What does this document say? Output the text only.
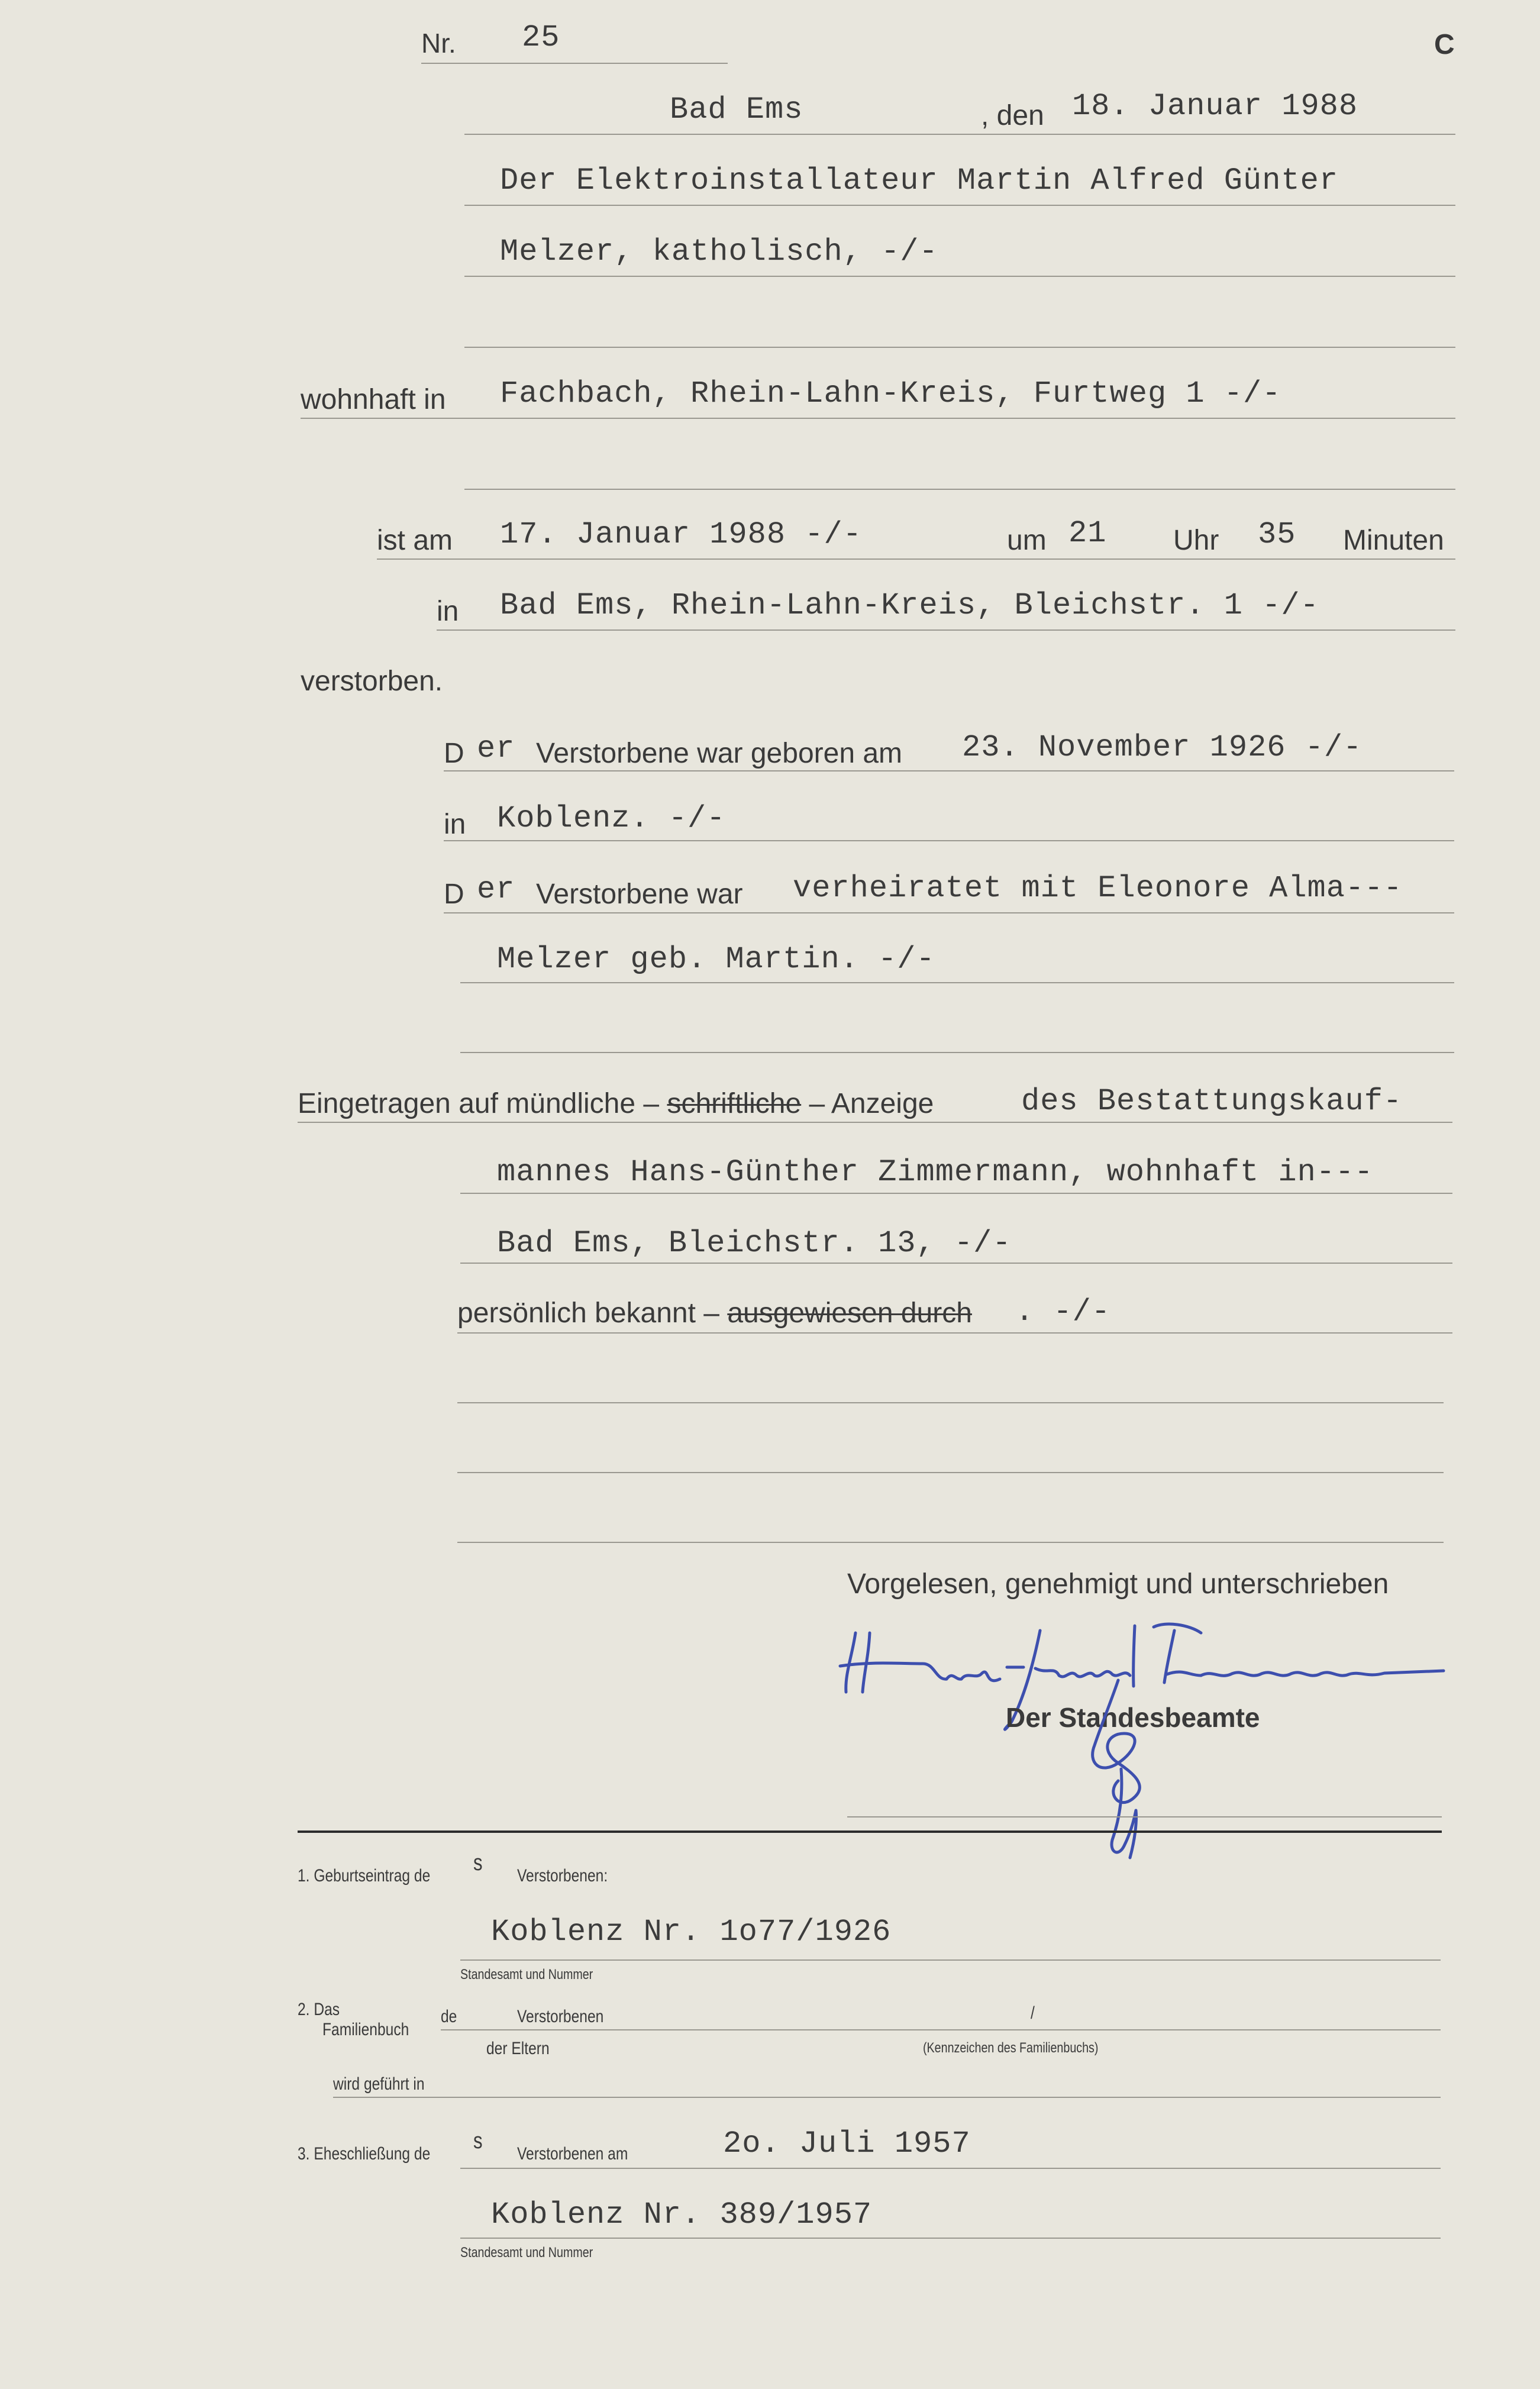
Nr. 25	C
Bad Ems	, den 18. Januar 1988
Der Elektroinstallateur Martin Alfred Günter
Melzer, katholisch, -/-
wohnhaft in Fachbach, Rhein-Lahn-Kreis, Furtweg 1 -/-
ist am 17. Januar 1988 -/-	um 21 Uhr 35 Minuten
in Bad Ems, Rhein-Lahn-Kreis, Bleichstr. 1 -/-
verstorben.
D er Verstorbene war geboren am 23. November 1926 -/-
in Koblenz. -/-
D er Verstorbene war verheiratet mit Eleonore Alma---
Melzer geb. Martin. -/-
Eingetragen auf mündliche – schriftliche – Anzeige	des Bestattungskauf-
mannes Hans-Günther Zimmermann, wohnhaft in---
Bad Ems, Bleichstr. 13, -/-
persönlich bekannt – ausgewiesen durch . -/-
Vorgelesen, genehmigt und unterschrieben
Der Standesbeamte
1. Geburtseintrag de
s
Verstorbenen:
Koblenz Nr. 1o77/1926
Standesamt und Nummer
2. Das
Familienbuch
de	Verstorbenen
der Eltern
/
(Kennzeichen des Familienbuchs)
wird geführt in
3. Eheschließung de
s
Verstorbenen am	2o. Juli 1957
Koblenz Nr. 389/1957
Standesamt und Nummer
